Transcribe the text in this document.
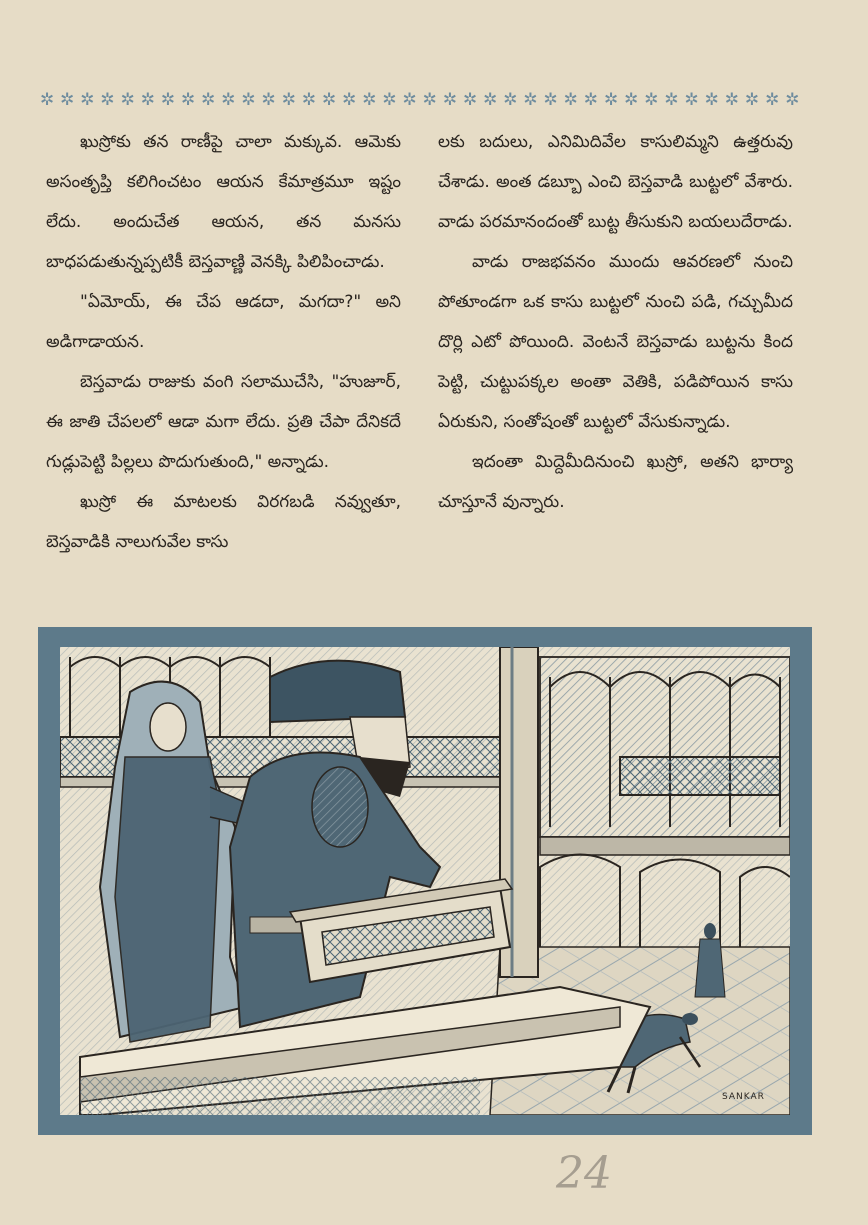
✲ ✲ ✲ ✲ ✲ ✲ ✲ ✲ ✲ ✲ ✲ ✲ ✲ ✲ ✲ ✲ ✲ ✲ ✲ ✲ ✲ ✲ ✲ ✲ ✲ ✲ ✲ ✲ ✲ ✲ ✲ ✲ ✲ ✲ ✲ ✲ ✲ ✲

ఖుస్రోకు తన రాణీపై చాలా మక్కువ. ఆమెకు అసంతృప్తి కలిగించటం ఆయన కేమాత్రమూ ఇష్టం లేదు. అందుచేత ఆయన, తన మనసు బాధపడుతున్నప్పటికీ బెస్తవాణ్ణి వెనక్కి పిలిపించాడు.

"ఏమోయ్, ఈ చేప ఆడదా, మగదా?" అని అడిగాడాయన.

బెస్తవాడు రాజుకు వంగి సలాముచేసి, "హుజూర్, ఈ జాతి చేపలలో ఆడా మగా లేదు. ప్రతి చేపా దేనికదే గుడ్లుపెట్టి పిల్లలు పొదుగుతుంది," అన్నాడు.

ఖుస్రో ఈ మాటలకు విరగబడి నవ్వుతూ, బెస్తవాడికి నాలుగువేల కాసు

లకు బదులు, ఎనిమిదివేల కాసులిమ్మని ఉత్తరువు చేశాడు. అంత డబ్బూ ఎంచి బెస్తవాడి బుట్టలో వేశారు. వాడు పరమానందంతో బుట్ట తీసుకుని బయలుదేరాడు.

వాడు రాజభవనం ముందు ఆవరణలో నుంచి పోతూండగా ఒక కాసు బుట్టలో నుంచి పడి, గచ్చుమీద దొర్లి ఎటో పోయింది. వెంటనే బెస్తవాడు బుట్టను కింద పెట్టి, చుట్టుపక్కల అంతా వెతికి, పడిపోయిన కాసు ఏరుకుని, సంతోషంతో బుట్టలో వేసుకున్నాడు.

ఇదంతా మిద్దెమీదినుంచి ఖుస్రో, అతని భార్యా చూస్తూనే వున్నారు.

SANKAR
24
